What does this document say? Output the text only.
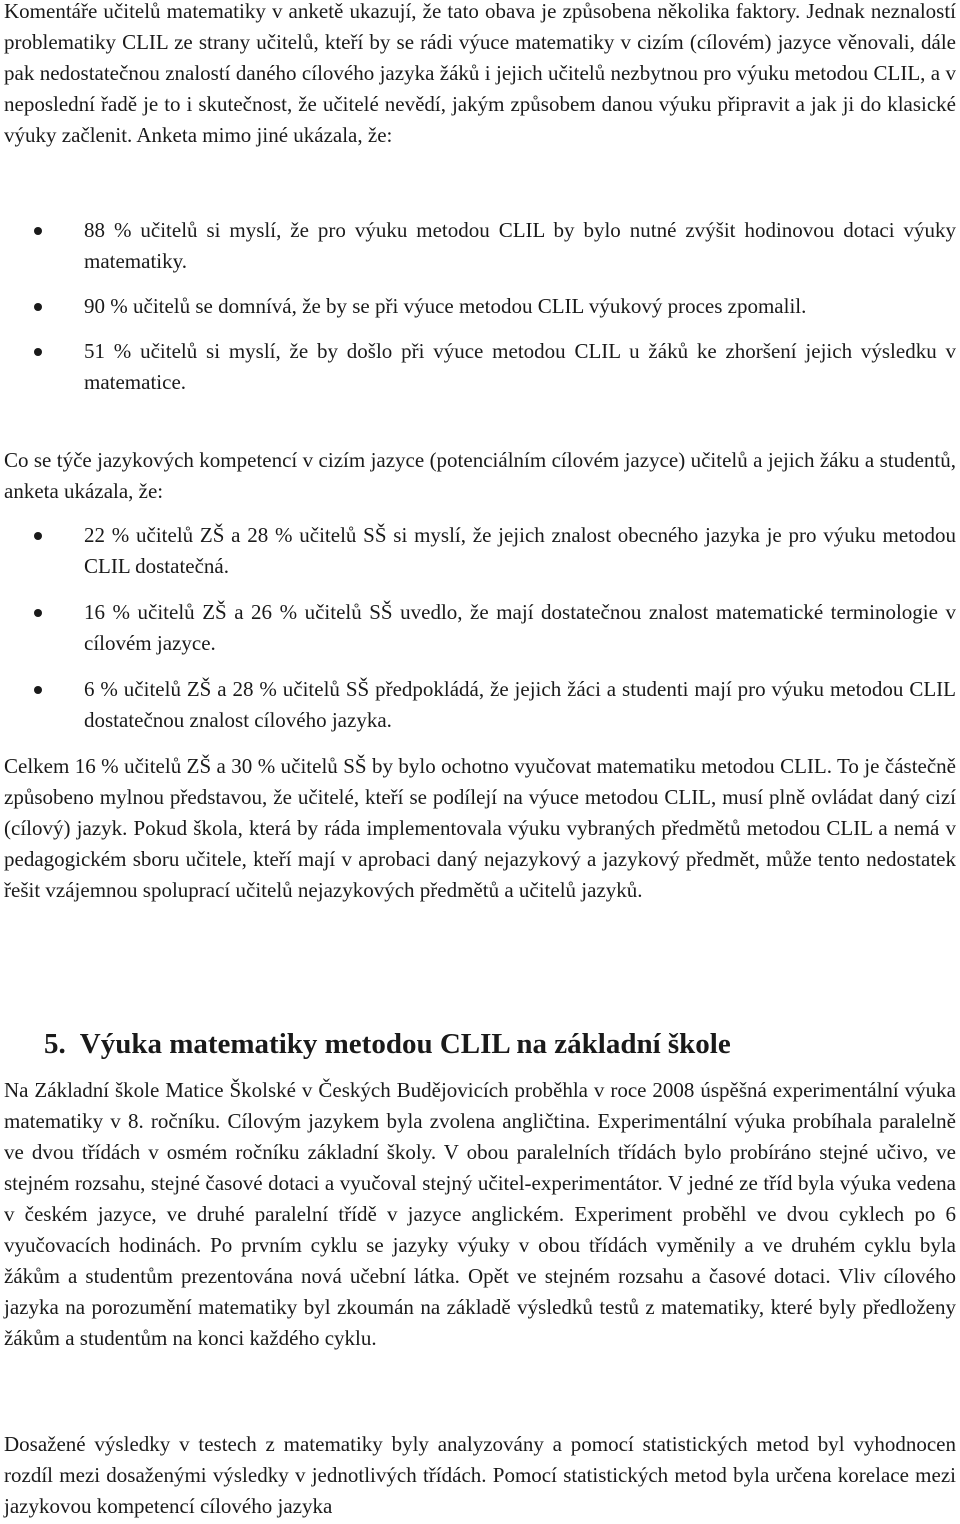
Komentáře učitelů matematiky v anketě ukazují, že tato obava je způsobena několika faktory. Jednak neznalostí problematiky CLIL ze strany učitelů, kteří by se rádi výuce matematiky v cizím (cílovém) jazyce věnovali, dále pak nedostatečnou znalostí daného cílového jazyka žáků i jejich učitelů nezbytnou pro výuku metodou CLIL, a v neposlední řadě je to i skutečnost, že učitelé nevědí, jakým způsobem danou výuku připravit a jak ji do klasické výuky začlenit. Anketa mimo jiné ukázala, že:

88 % učitelů si myslí, že pro výuku metodou CLIL by bylo nutné zvýšit hodinovou dotaci výuky matematiky.
90 % učitelů se domnívá, že by se při výuce metodou CLIL výukový proces zpomalil.
51 % učitelů si myslí, že by došlo při výuce metodou CLIL u žáků ke zhoršení jejich výsledku v matematice.

Co se týče jazykových kompetencí v cizím jazyce (potenciálním cílovém jazyce) učitelů a jejich žáku a studentů, anketa ukázala, že:

22 % učitelů ZŠ a 28 % učitelů SŠ si myslí, že jejich znalost obecného jazyka je pro výuku metodou CLIL dostatečná.
16 % učitelů ZŠ a 26 % učitelů SŠ uvedlo, že mají dostatečnou znalost matematické terminologie v cílovém jazyce.
6 % učitelů ZŠ a 28 % učitelů SŠ předpokládá, že jejich žáci a studenti mají pro výuku metodou CLIL dostatečnou znalost cílového jazyka.

Celkem 16 % učitelů ZŠ a 30 % učitelů SŠ by bylo ochotno vyučovat matematiku metodou CLIL. To je částečně způsobeno mylnou představou, že učitelé, kteří se podílejí na výuce metodou CLIL, musí plně ovládat daný cizí (cílový) jazyk. Pokud škola, která by ráda implementovala výuku vybraných předmětů metodou CLIL a nemá v pedagogickém sboru učitele, kteří mají v aprobaci daný nejazykový a jazykový předmět, může tento nedostatek řešit vzájemnou spoluprací učitelů nejazykových předmětů a učitelů jazyků.

5. Výuka matematiky metodou CLIL na základní škole

Na Základní škole Matice Školské v Českých Budějovicích proběhla v roce 2008 úspěšná experimentální výuka matematiky v 8. ročníku. Cílovým jazykem byla zvolena angličtina. Experimentální výuka probíhala paralelně ve dvou třídách v osmém ročníku základní školy. V obou paralelních třídách bylo probíráno stejné učivo, ve stejném rozsahu, stejné časové dotaci a vyučoval stejný učitel-experimentátor. V jedné ze tříd byla výuka vedena v českém jazyce, ve druhé paralelní třídě v jazyce anglickém. Experiment proběhl ve dvou cyklech po 6 vyučovacích hodinách. Po prvním cyklu se jazyky výuky v obou třídách vyměnily a ve druhém cyklu byla žákům a studentům prezentována nová učební látka. Opět ve stejném rozsahu a časové dotaci. Vliv cílového jazyka na porozumění matematiky byl zkoumán na základě výsledků testů z matematiky, které byly předloženy žákům a studentům na konci každého cyklu.

Dosažené výsledky v testech z matematiky byly analyzovány a pomocí statistických metod byl vyhodnocen rozdíl mezi dosaženými výsledky v jednotlivých třídách. Pomocí statistických metod byla určena korelace mezi jazykovou kompetencí cílového jazyka
